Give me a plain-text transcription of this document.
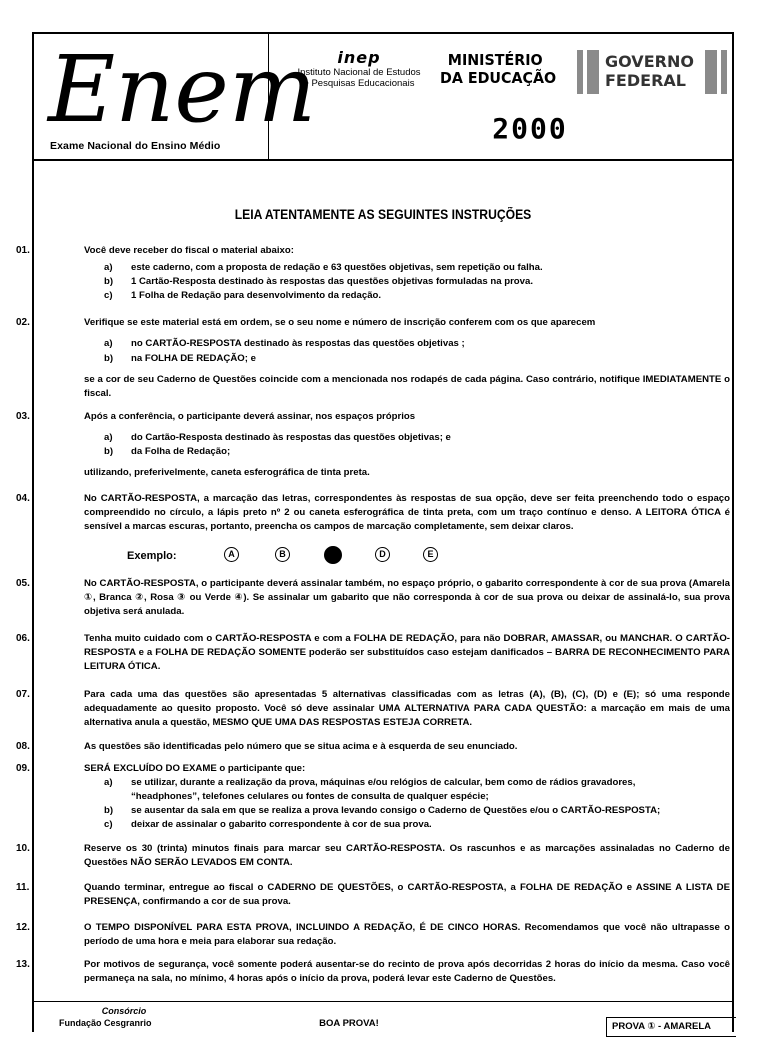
Enem
Exame Nacional do Ensino Médio
inep
Instituto Nacional de Estudos
e Pesquisas Educacionais
MINISTÉRIO
DA EDUCAÇÃO
GOVERNO
FEDERAL
2000
LEIA ATENTAMENTE AS SEGUINTES INSTRUÇÕES
01.	Você deve receber do fiscal o material abaixo:
a) este caderno, com a proposta de redação e 63 questões objetivas, sem repetição ou falha.
b) 1 Cartão-Resposta destinado às respostas das questões objetivas formuladas na prova.
c) 1 Folha de Redação para desenvolvimento da redação.
02.	Verifique se este material está em ordem, se o seu nome e número de inscrição conferem com os que aparecem
a) no CARTÃO-RESPOSTA destinado às respostas das questões objetivas ;
b) na FOLHA DE REDAÇÃO; e
se a cor de seu Caderno de Questões coincide com a mencionada nos rodapés de cada página. Caso contrário, notifique IMEDIATAMENTE o fiscal.
03.	Após a conferência, o participante deverá assinar, nos espaços próprios
a) do Cartão-Resposta destinado às respostas das questões objetivas; e
b) da Folha de Redação;
utilizando, preferivelmente, caneta esferográfica de tinta preta.
04.	No CARTÃO-RESPOSTA, a marcação das letras, correspondentes às respostas de sua opção, deve ser feita preenchendo todo o espaço compreendido no círculo, a lápis preto nº 2 ou caneta esferográfica de tinta preta, com um traço contínuo e denso. A LEITORA ÓTICA é sensível a marcas escuras, portanto, preencha os campos de marcação completamente, sem deixar claros.
Exemplo:	A	B	D	E
05.	No CARTÃO-RESPOSTA, o participante deverá assinalar também, no espaço próprio, o gabarito correspondente à cor de sua prova (Amarela ①, Branca ②, Rosa ③ ou Verde ④). Se assinalar um gabarito que não corresponda à cor de sua prova ou deixar de assinalá-lo, sua prova objetiva será anulada.
06.	Tenha muito cuidado com o CARTÃO-RESPOSTA e com a FOLHA DE REDAÇÃO, para não DOBRAR, AMASSAR, ou MANCHAR. O CARTÃO-RESPOSTA e a FOLHA DE REDAÇÃO SOMENTE poderão ser substituídos caso estejam danificados – BARRA DE RECONHECIMENTO PARA LEITURA ÓTICA.
07.	Para cada uma das questões são apresentadas 5 alternativas classificadas com as letras (A), (B), (C), (D) e (E); só uma responde adequadamente ao quesito proposto. Você só deve assinalar UMA ALTERNATIVA PARA CADA QUESTÃO: a marcação em mais de uma alternativa anula a questão, MESMO QUE UMA DAS RESPOSTAS ESTEJA CORRETA.
08.	As questões são identificadas pelo número que se situa acima e à esquerda de seu enunciado.
09.	SERÁ EXCLUÍDO DO EXAME o participante que:
a) se utilizar, durante a realização da prova, máquinas e/ou relógios de calcular, bem como de rádios gravadores,
“headphones”, telefones celulares ou fontes de consulta de qualquer espécie;
b) se ausentar da sala em que se realiza a prova levando consigo o Caderno de Questões e/ou o CARTÃO-RESPOSTA;
c) deixar de assinalar o gabarito correspondente à cor de sua prova.
10.	Reserve os 30 (trinta) minutos finais para marcar seu CARTÃO-RESPOSTA. Os rascunhos e as marcações assinaladas no Caderno de Questões NÃO SERÃO LEVADOS EM CONTA.
11.	Quando terminar, entregue ao fiscal o CADERNO DE QUESTÕES, o CARTÃO-RESPOSTA, a FOLHA DE REDAÇÃO e ASSINE A LISTA DE PRESENÇA, confirmando a cor de sua prova.
12.	O TEMPO DISPONÍVEL PARA ESTA PROVA, INCLUINDO A REDAÇÃO, É DE CINCO HORAS. Recomendamos que você não ultrapasse o período de uma hora e meia para elaborar sua redação.
13.	Por motivos de segurança, você somente poderá ausentar-se do recinto de prova após decorridas 2 horas do início da mesma. Caso você permaneça na sala, no mínimo, 4 horas após o início da prova, poderá levar este Caderno de Questões.
Consórcio
Fundação Cesgranrio	BOA PROVA!	PROVA ① - AMARELA
